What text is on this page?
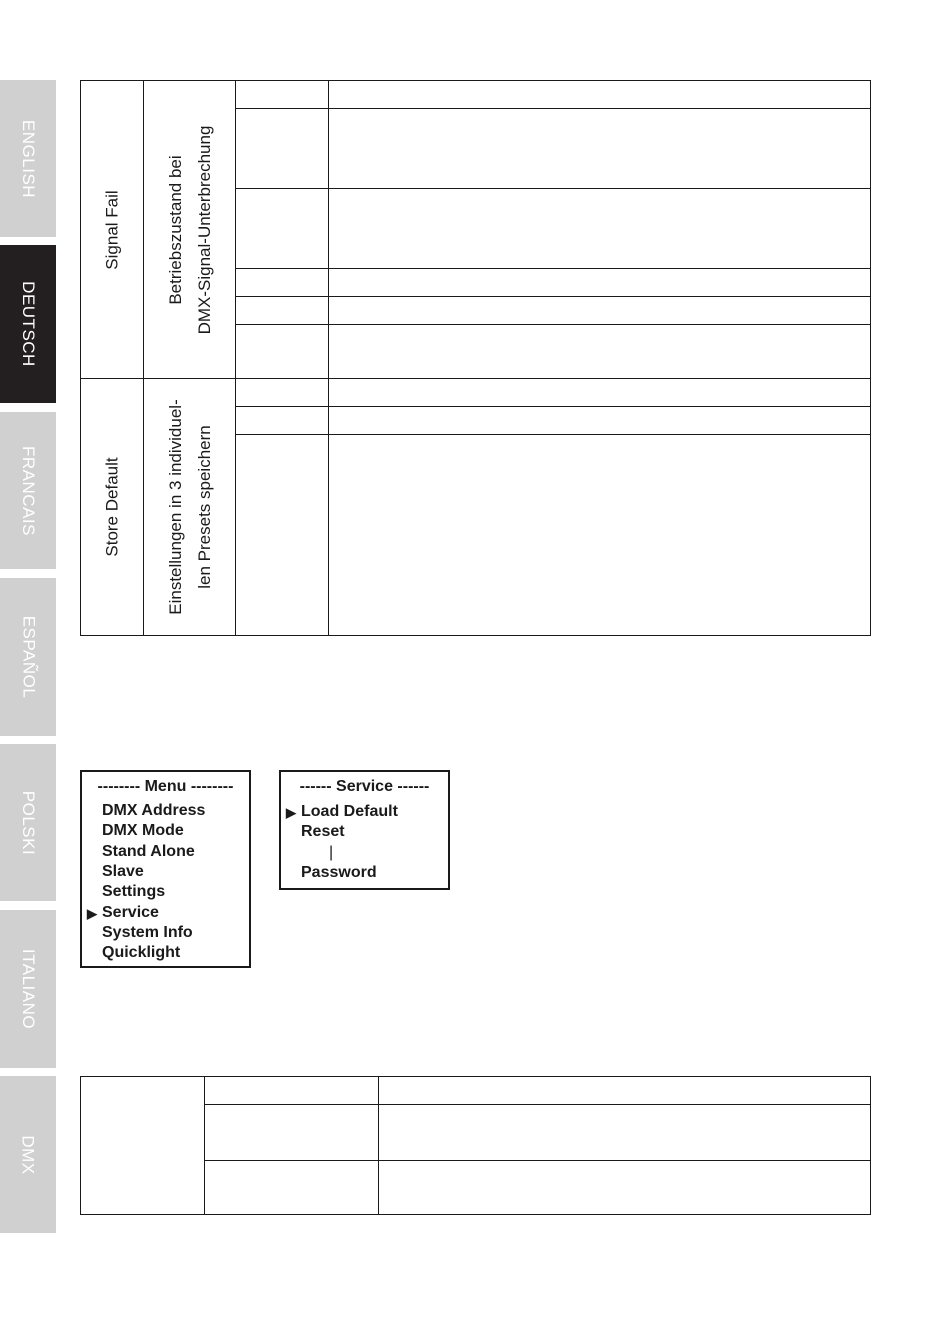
ENGLISH
DEUTSCH
FRANCAIS
ESPAÑOL
POLSKI
ITALIANO
DMX
Signal Fail	Betriebszustand bei DMX-Signal-Unterbrechung		

Store Default	Einstellungen in 3 individuel- len Presets speichern		

-------- Menu --------
DMX Address
DMX Mode
Stand Alone
Slave
Settings
▶ Service
System Info
Quicklight
------ Service ------
▶ Load Default
Reset
|
Password
